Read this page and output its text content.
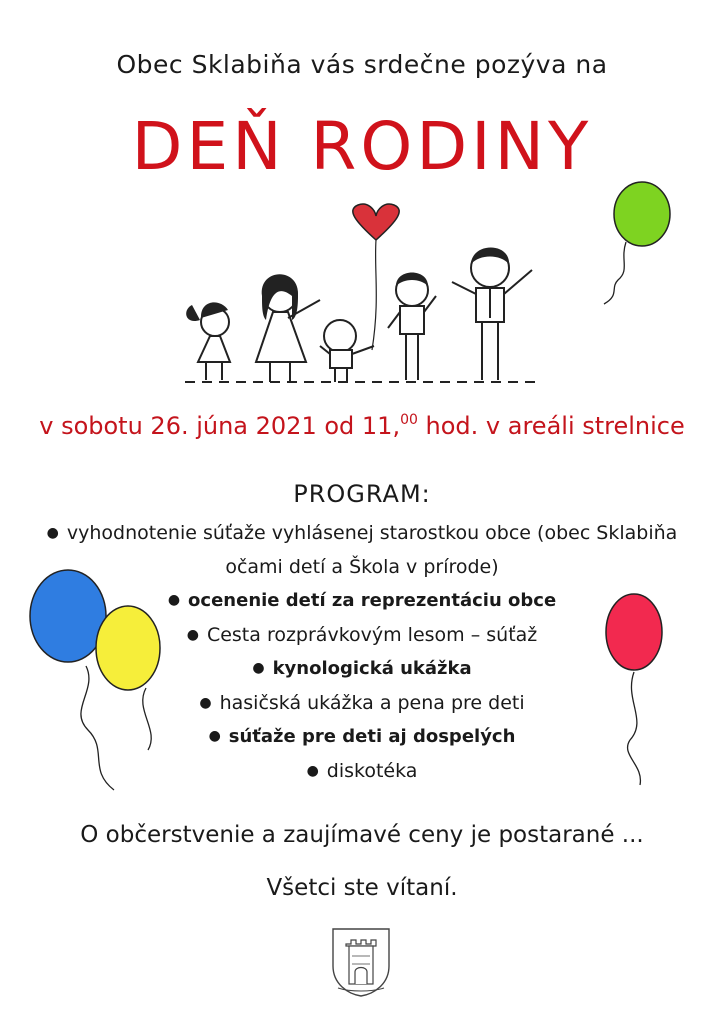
Obec Sklabiňa vás srdečne pozýva na
DEŇ RODINY
v sobotu 26. júna 2021 od 11,00 hod. v areáli strelnice
PROGRAM:
● vyhodnotenie súťaže vyhlásenej starostkou obce (obec Sklabiňa
očami detí a Škola v prírode)
● ocenenie detí za reprezentáciu obce
● Cesta rozprávkovým lesom – súťaž
● kynologická ukážka
● hasičská ukážka a pena pre deti
● súťaže pre deti aj dospelých
● diskotéka
O občerstvenie a zaujímavé ceny je postarané ...
Všetci ste vítaní.
